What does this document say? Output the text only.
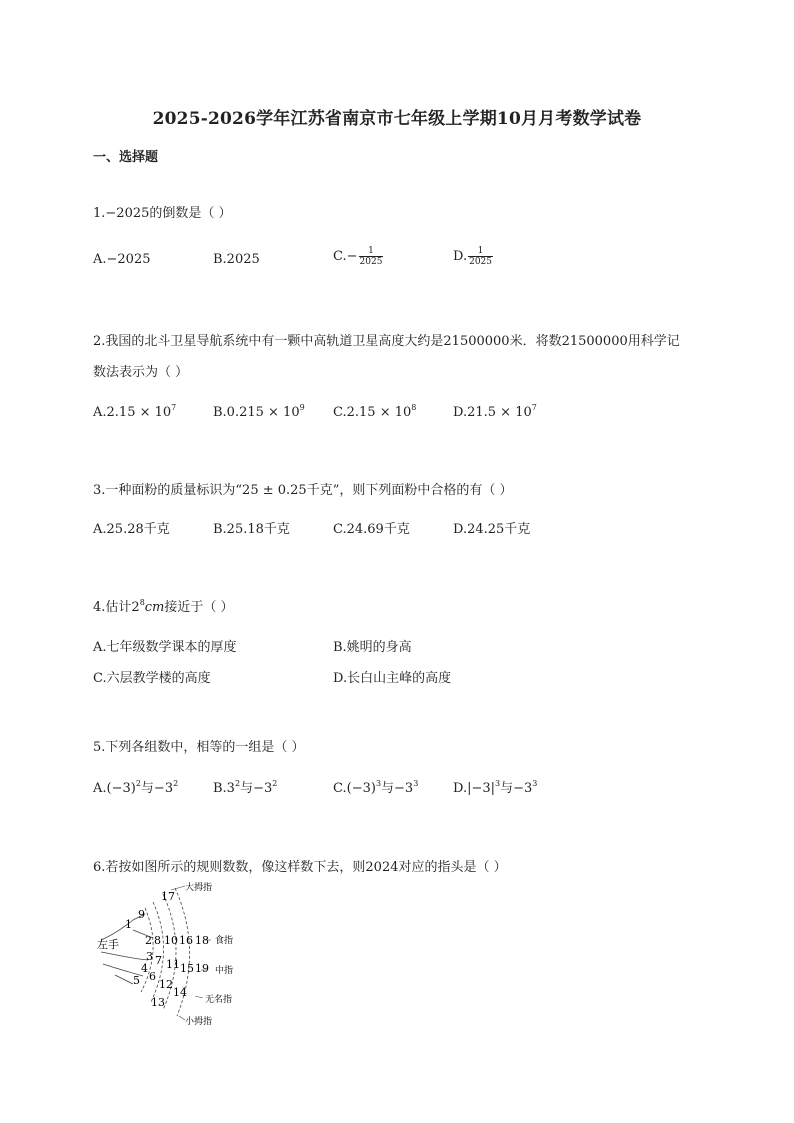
2025-2026学年江苏省南京市七年级上学期10月月考数学试卷
一、选择题
1.−2025的倒数是（ ）
A.−2025	B.2025	$C.- \frac{1}{2025}$	D. $\frac{1}{2025}$
2.我国的北斗卫星导航系统中有一颗中高轨道卫星高度大约是21500000米．将数21500000用科学记
数法表示为（ ）
$A.2.15 \times 10^7$	$B.0.215 \times 10^9$ $C.2.15 \times 10^8$	$D.21.5 \times 10^7$
3.一种面粉的质量标识为“25 ± 0.25千克”，则下列面粉中合格的有（ ）
A.25.28千克	B.25.18千克	C.24.69千克	D.24.25千克
4.估计$2^8cm$接近于（ ）
A.七年级数学课本的厚度	B.姚明的身高
C.六层教学楼的高度	D.长白山主峰的高度
5.下列各组数中，相等的一组是（ ）
$A.(-3)^2$与$-3^2$	$B.3^2$与$-3^2$	$C.(-3)^3$与$-3^3$	$D.|-3|^3$与$-3^3$
6.若按如图所示的规则数数，像这样数下去，则2024对应的指头是（ ）
左手
17
大拇指
9
1
2 8 10 16 18 食指
3 7 11 15 19 中指
4
6
12
14
无名指
5
13
小拇指
